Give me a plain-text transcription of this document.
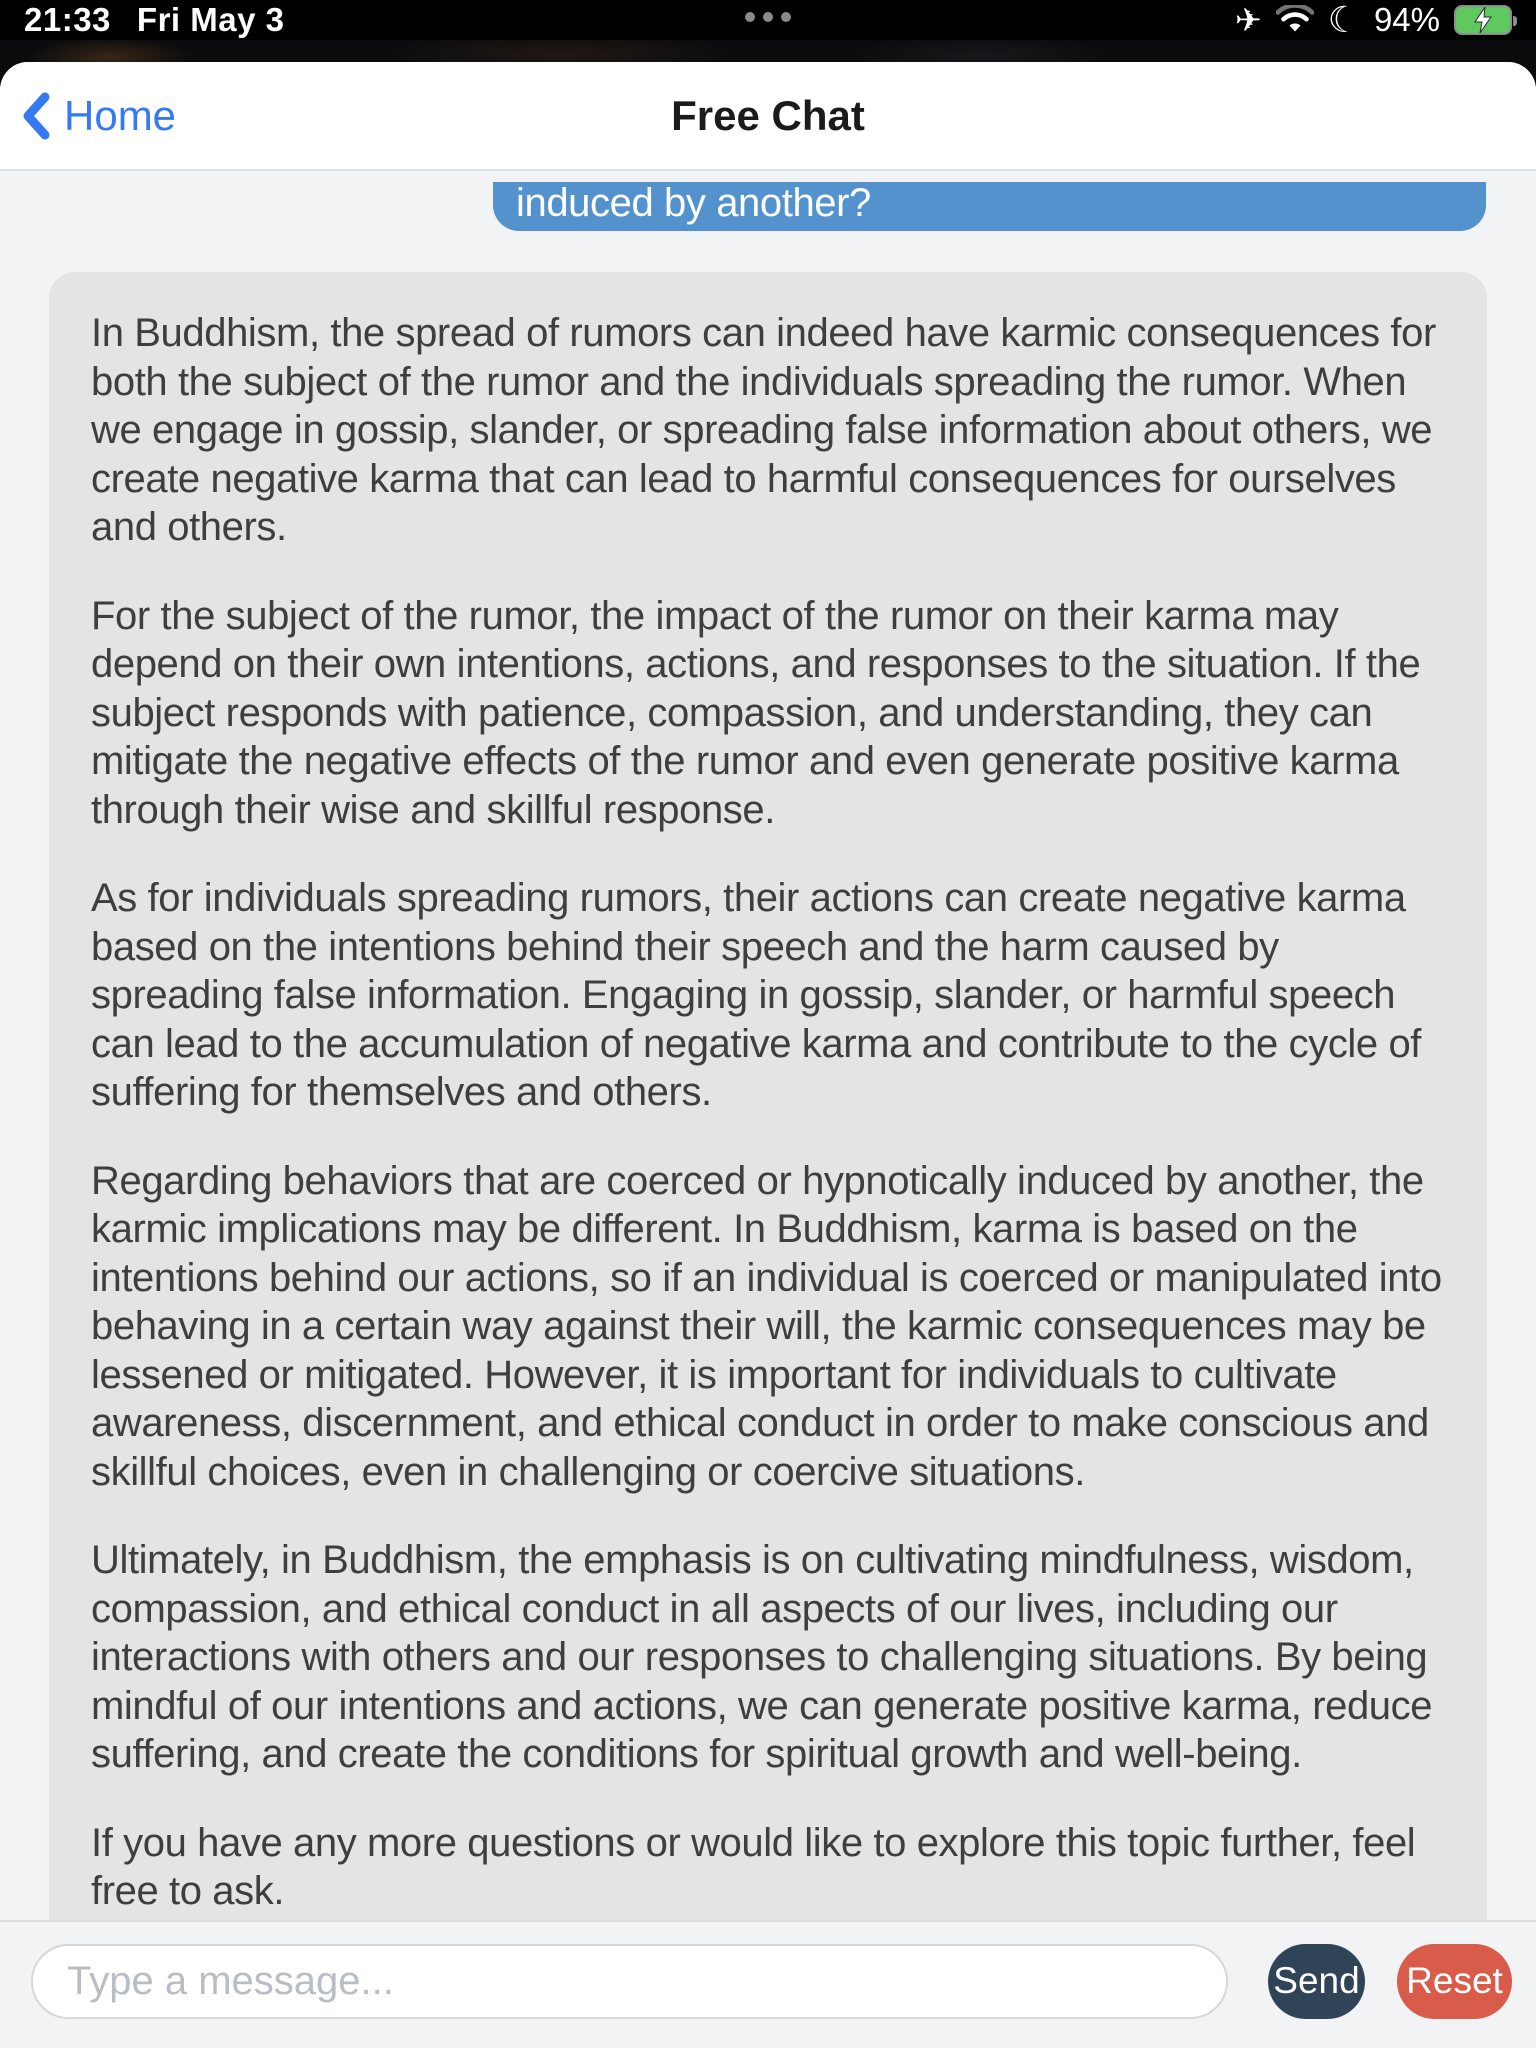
21:33 Fri May 3	✈ ☾ 94%
Home	Free Chat
induced by another?

In Buddhism, the spread of rumors can indeed have karmic consequences for both the subject of the rumor and the individuals spreading the rumor. When we engage in gossip, slander, or spreading false information about others, we create negative karma that can lead to harmful consequences for ourselves and others.

For the subject of the rumor, the impact of the rumor on their karma may depend on their own intentions, actions, and responses to the situation. If the subject responds with patience, compassion, and understanding, they can mitigate the negative effects of the rumor and even generate positive karma through their wise and skillful response.

As for individuals spreading rumors, their actions can create negative karma based on the intentions behind their speech and the harm caused by spreading false information. Engaging in gossip, slander, or harmful speech can lead to the accumulation of negative karma and contribute to the cycle of suffering for themselves and others.

Regarding behaviors that are coerced or hypnotically induced by another, the karmic implications may be different. In Buddhism, karma is based on the intentions behind our actions, so if an individual is coerced or manipulated into behaving in a certain way against their will, the karmic consequences may be lessened or mitigated. However, it is important for individuals to cultivate awareness, discernment, and ethical conduct in order to make conscious and skillful choices, even in challenging or coercive situations.

Ultimately, in Buddhism, the emphasis is on cultivating mindfulness, wisdom, compassion, and ethical conduct in all aspects of our lives, including our interactions with others and our responses to challenging situations. By being mindful of our intentions and actions, we can generate positive karma, reduce suffering, and create the conditions for spiritual growth and well-being.

If you have any more questions or would like to explore this topic further, feel free to ask.

Type a message...
Send Reset
